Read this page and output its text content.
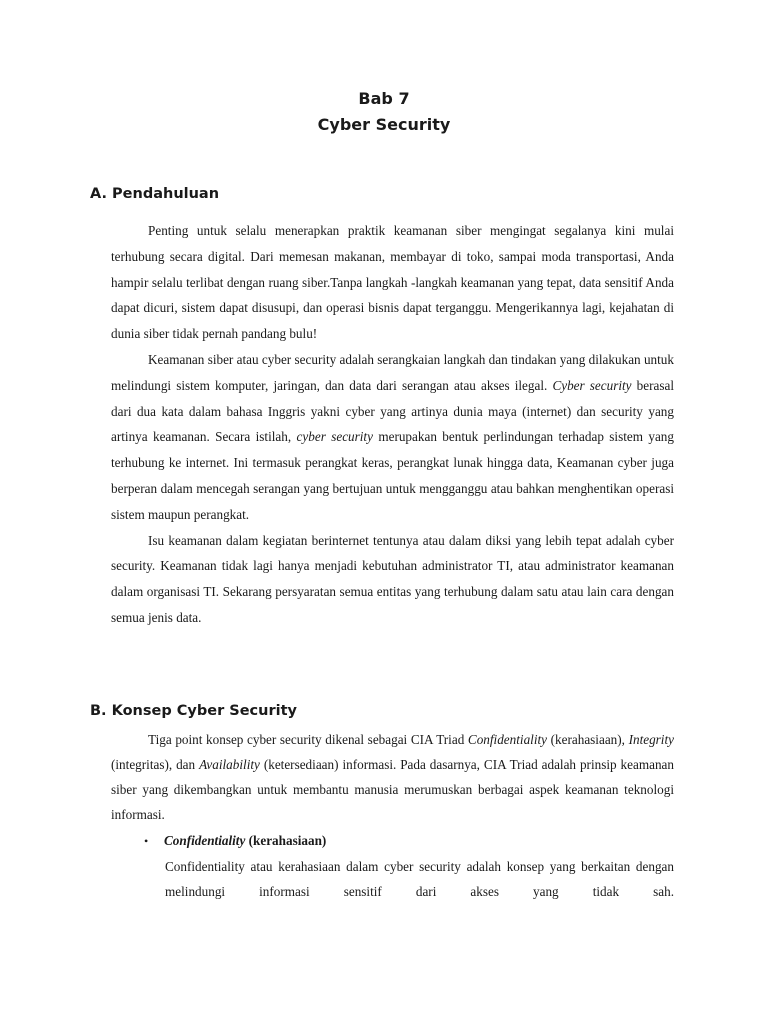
Bab 7
Cyber Security
A. Pendahuluan

Penting untuk selalu menerapkan praktik keamanan siber mengingat segalanya kini mulai terhubung secara digital. Dari memesan makanan, membayar di toko, sampai moda transportasi, Anda hampir selalu terlibat dengan ruang siber.Tanpa langkah -langkah keamanan yang tepat, data sensitif Anda dapat dicuri, sistem dapat disusupi, dan operasi bisnis dapat terganggu. Mengerikannya lagi, kejahatan di dunia siber tidak pernah pandang bulu!

Keamanan siber atau cyber security adalah serangkaian langkah dan tindakan yang dilakukan untuk melindungi sistem komputer, jaringan, dan data dari serangan atau akses ilegal. Cyber security berasal dari dua kata dalam bahasa Inggris yakni cyber yang artinya dunia maya (internet) dan security yang artinya keamanan. Secara istilah, cyber security merupakan bentuk perlindungan terhadap sistem yang terhubung ke internet. Ini termasuk perangkat keras, perangkat lunak hingga data, Keamanan cyber juga berperan dalam mencegah serangan yang bertujuan untuk mengganggu atau bahkan menghentikan operasi sistem maupun perangkat.

Isu keamanan dalam kegiatan berinternet tentunya atau dalam diksi yang lebih tepat adalah cyber security. Keamanan tidak lagi hanya menjadi kebutuhan administrator TI, atau administrator keamanan dalam organisasi TI. Sekarang persyaratan semua entitas yang terhubung dalam satu atau lain cara dengan semua jenis data.

B. Konsep Cyber Security

Tiga point konsep cyber security dikenal sebagai CIA Triad Confidentiality (kerahasiaan), Integrity (integritas), dan Availability (ketersediaan) informasi. Pada dasarnya, CIA Triad adalah prinsip keamanan siber yang dikembangkan untuk membantu manusia merumuskan berbagai aspek keamanan teknologi informasi.

•	Confidentiality (kerahasiaan)

Confidentiality atau kerahasiaan dalam cyber security adalah konsep yang berkaitan dengan melindungi informasi sensitif dari akses yang tidak sah.
